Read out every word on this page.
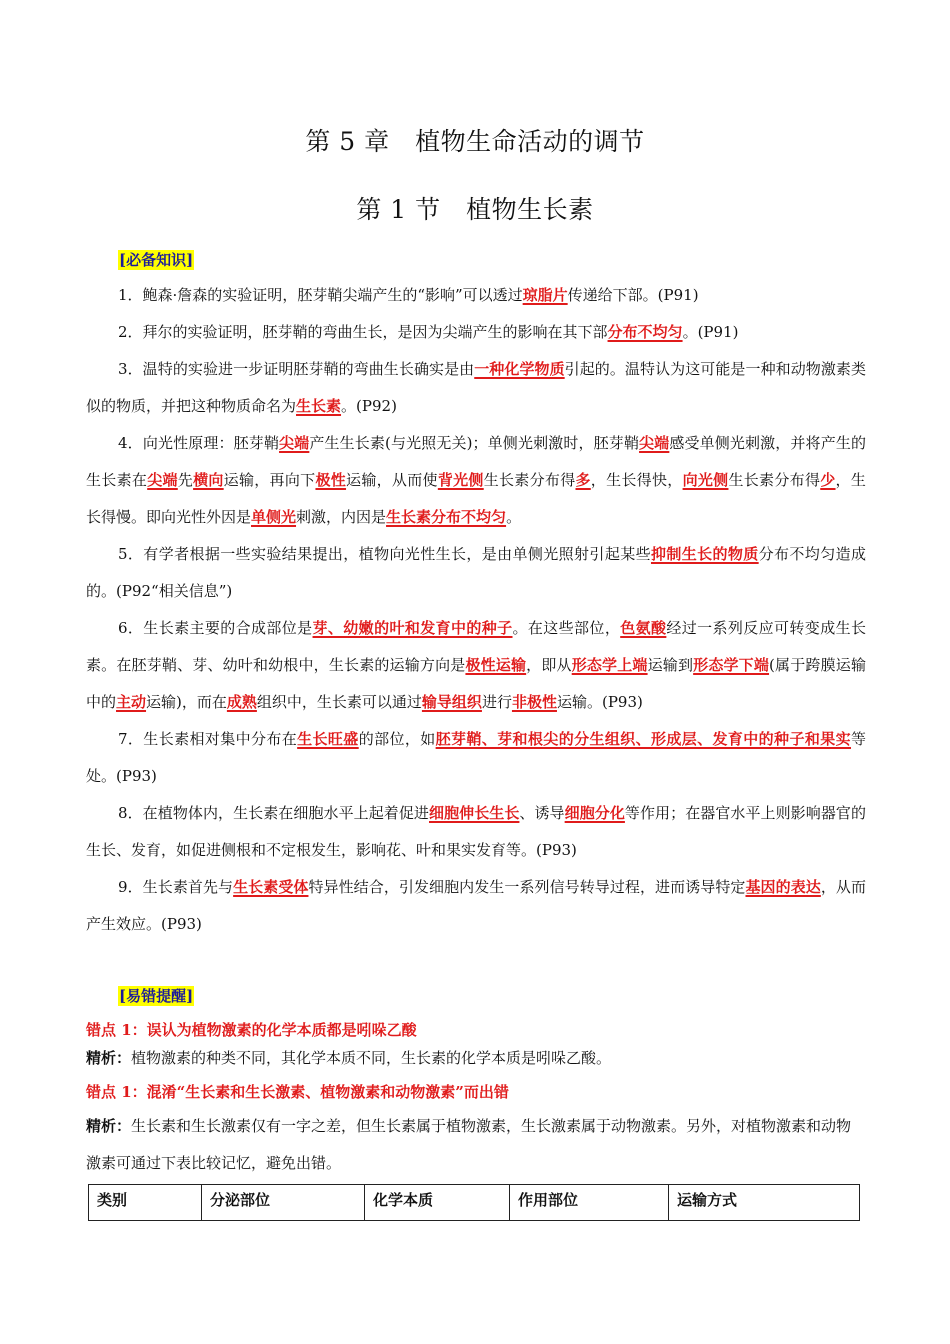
第 5 章　植物生命活动的调节
第 1 节　植物生长素
[必备知识]

1．鲍森·詹森的实验证明，胚芽鞘尖端产生的“影响”可以透过琼脂片传递给下部。(P91)

2．拜尔的实验证明，胚芽鞘的弯曲生长，是因为尖端产生的影响在其下部分布不均匀。(P91)

3．温特的实验进一步证明胚芽鞘的弯曲生长确实是由一种化学物质引起的。温特认为这可能是一种和动物激素类似的物质，并把这种物质命名为生长素。(P92)

4．向光性原理：胚芽鞘尖端产生生长素(与光照无关)；单侧光刺激时，胚芽鞘尖端感受单侧光刺激，并将产生的生长素在尖端先横向运输，再向下极性运输，从而使背光侧生长素分布得多，生长得快，向光侧生长素分布得少，生长得慢。即向光性外因是单侧光刺激，内因是生长素分布不均匀。

5．有学者根据一些实验结果提出，植物向光性生长，是由单侧光照射引起某些抑制生长的物质分布不均匀造成的。(P92“相关信息”)

6．生长素主要的合成部位是芽、幼嫩的叶和发育中的种子。在这些部位，色氨酸经过一系列反应可转变成生长素。在胚芽鞘、芽、幼叶和幼根中，生长素的运输方向是极性运输，即从形态学上端运输到形态学下端(属于跨膜运输中的主动运输)，而在成熟组织中，生长素可以通过输导组织进行非极性运输。(P93)

7．生长素相对集中分布在生长旺盛的部位，如胚芽鞘、芽和根尖的分生组织、形成层、发育中的种子和果实等处。(P93)

8．在植物体内，生长素在细胞水平上起着促进细胞伸长生长、诱导细胞分化等作用；在器官水平上则影响器官的生长、发育，如促进侧根和不定根发生，影响花、叶和果实发育等。(P93)

9．生长素首先与生长素受体特异性结合，引发细胞内发生一系列信号转导过程，进而诱导特定基因的表达，从而产生效应。(P93)

[易错提醒]
错点 1：误认为植物激素的化学本质都是吲哚乙酸

精析：植物激素的种类不同，其化学本质不同，生长素的化学本质是吲哚乙酸。

错点 1：混淆“生长素和生长激素、植物激素和动物激素”而出错

精析：生长素和生长激素仅有一字之差，但生长素属于植物激素，生长激素属于动物激素。另外，对植物激素和动物激素可通过下表比较记忆，避免出错。

类别	分泌部位	化学本质	作用部位	运输方式
